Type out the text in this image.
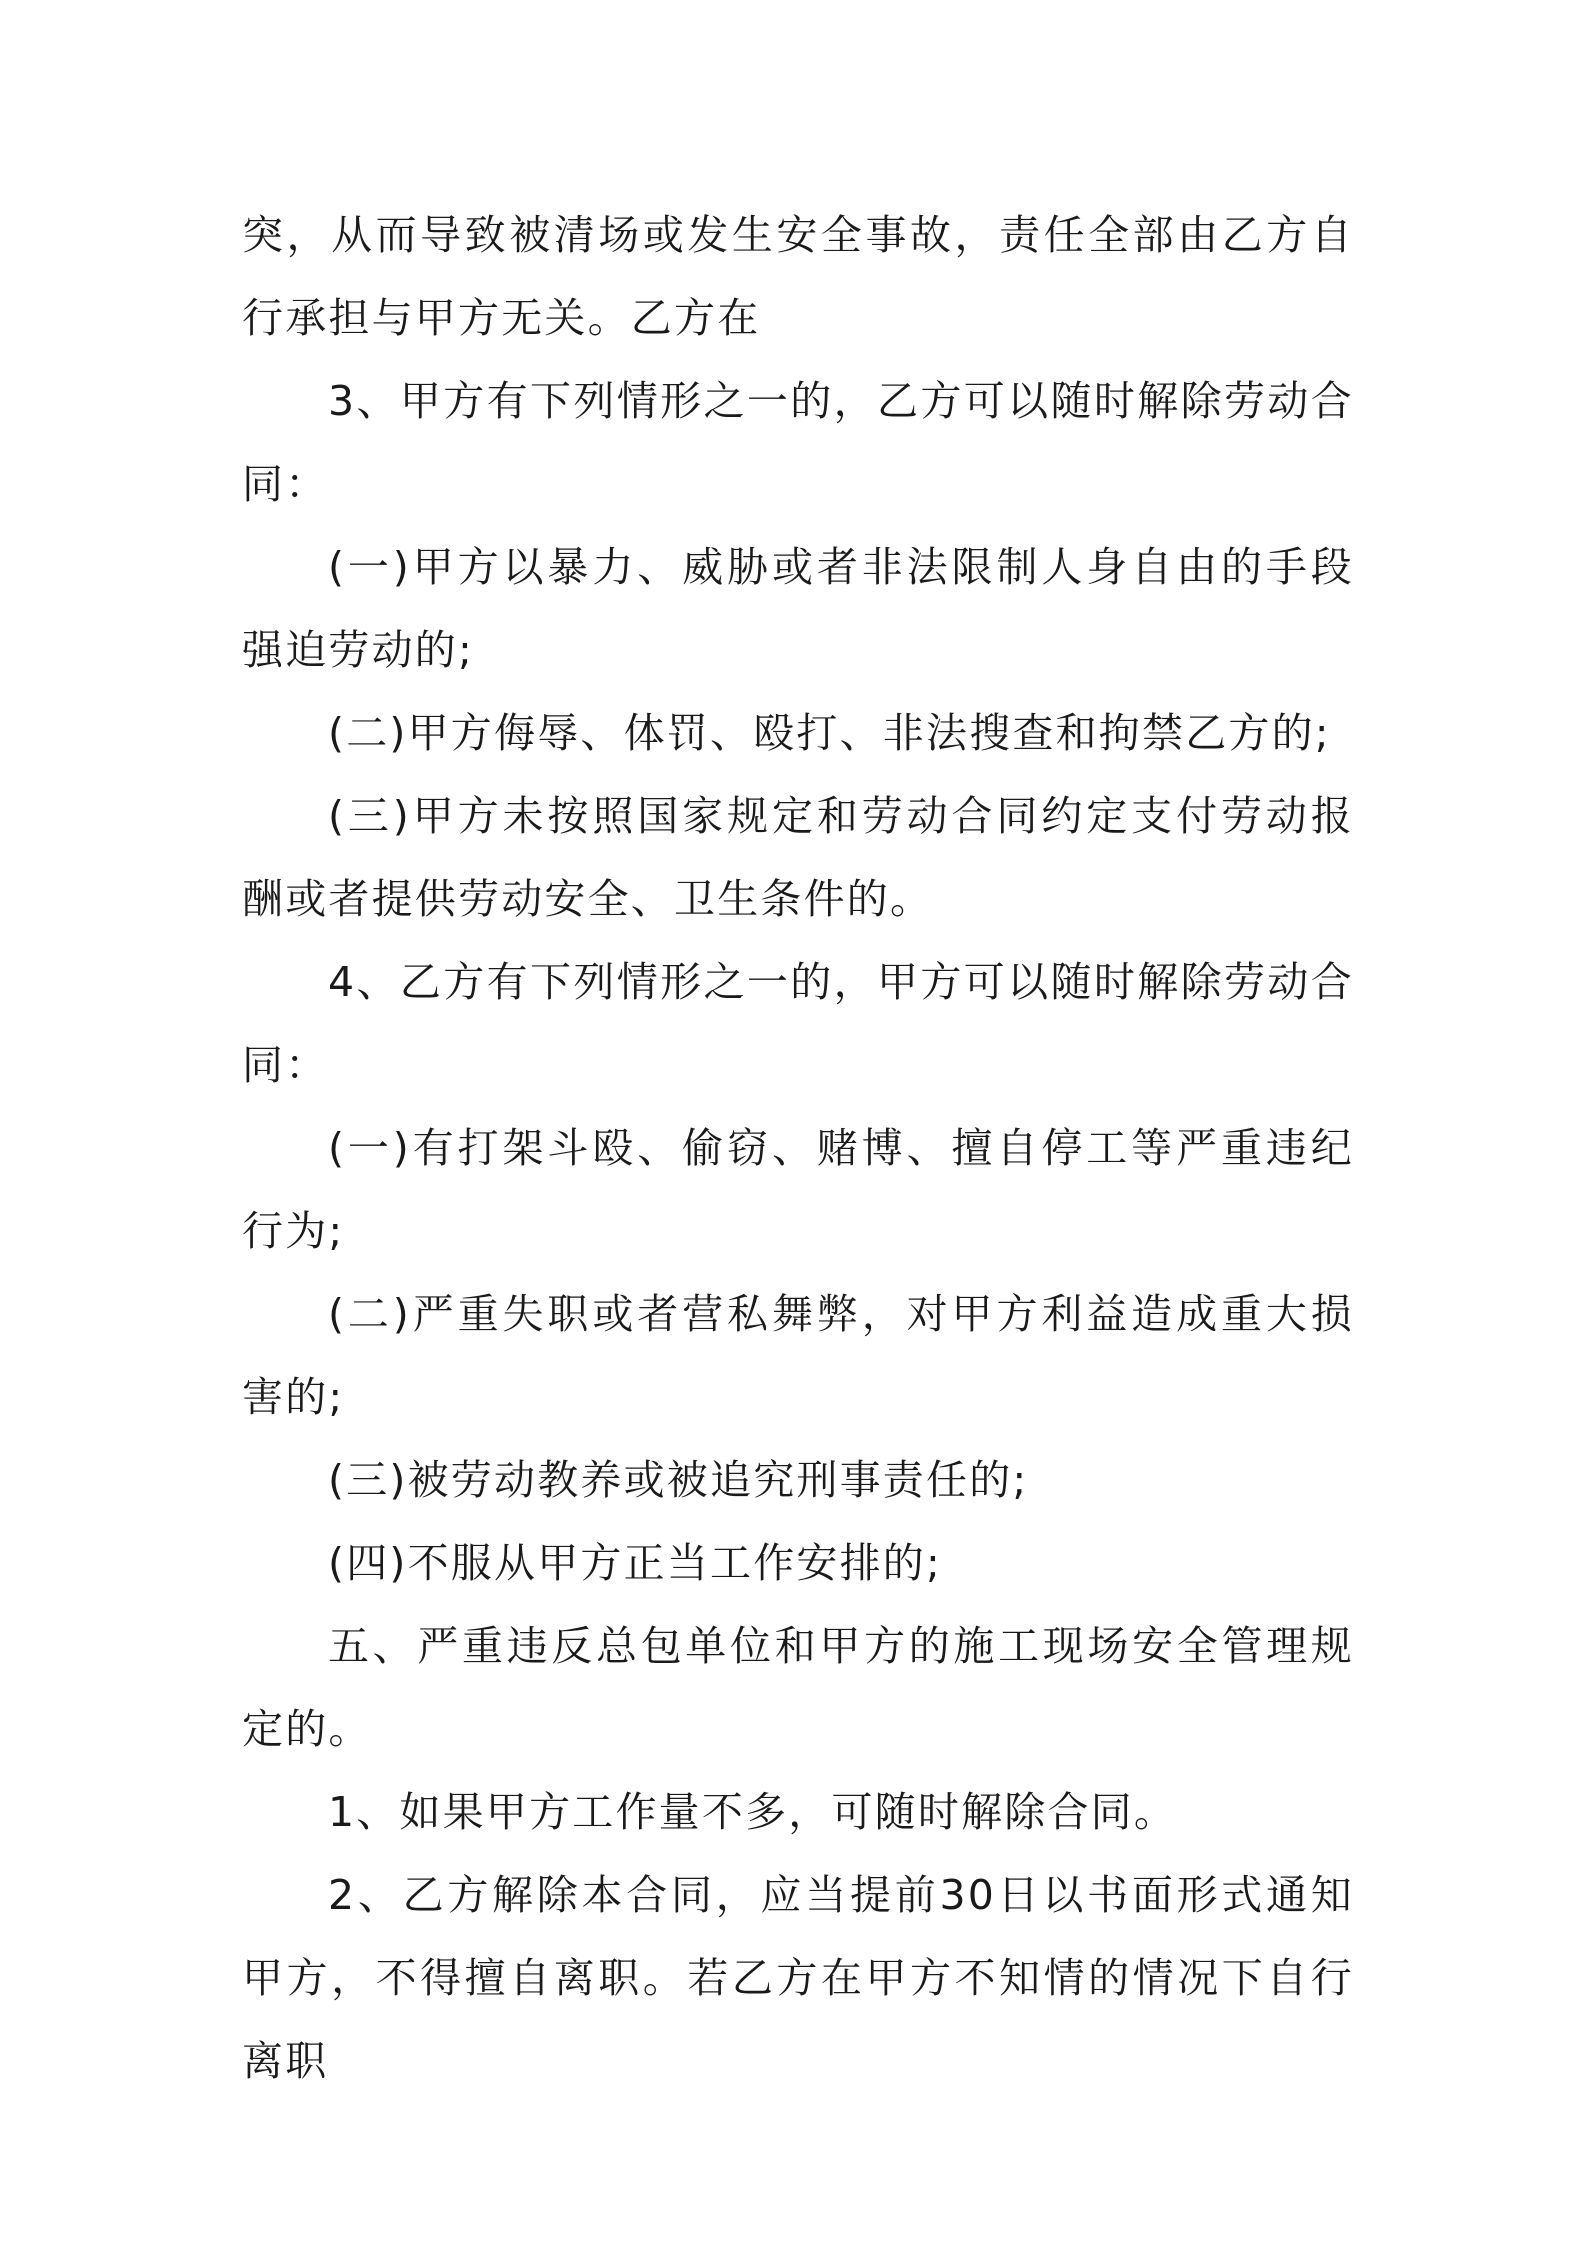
突，从而导致被清场或发生安全事故，责任全部由乙方自行承担与甲方无关。乙方在

3、甲方有下列情形之一的，乙方可以随时解除劳动合同：

(一)甲方以暴力、威胁或者非法限制人身自由的手段强迫劳动的;

(二)甲方侮辱、体罚、殴打、非法搜查和拘禁乙方的;

(三)甲方未按照国家规定和劳动合同约定支付劳动报酬或者提供劳动安全、卫生条件的。

4、乙方有下列情形之一的，甲方可以随时解除劳动合同：

(一)有打架斗殴、偷窃、赌博、擅自停工等严重违纪行为;

(二)严重失职或者营私舞弊，对甲方利益造成重大损害的;

(三)被劳动教养或被追究刑事责任的;

(四)不服从甲方正当工作安排的;

五、严重违反总包单位和甲方的施工现场安全管理规定的。

1、如果甲方工作量不多，可随时解除合同。

2、乙方解除本合同，应当提前30日以书面形式通知甲方，不得擅自离职。若乙方在甲方不知情的情况下自行离职
